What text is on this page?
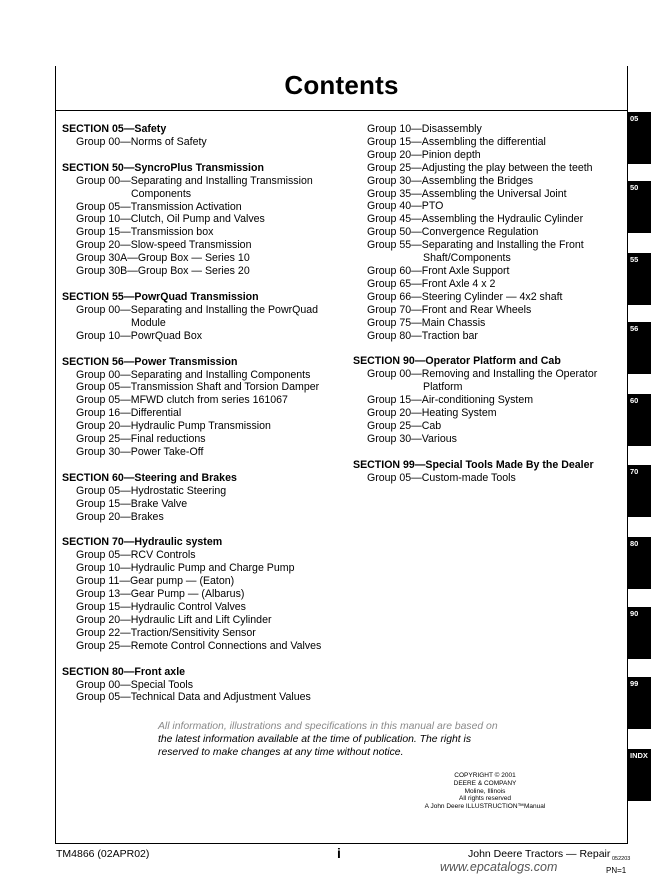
Contents
SECTION 05—Safety
Group 00—Norms of Safety
SECTION 50—SyncroPlus Transmission
Group 00—Separating and Installing Transmission
Components
Group 05—Transmission Activation
Group 10—Clutch, Oil Pump and Valves
Group 15—Transmission box
Group 20—Slow-speed Transmission
Group 30A—Group Box — Series 10
Group 30B—Group Box — Series 20
SECTION 55—PowrQuad Transmission
Group 00—Separating and Installing the PowrQuad
Module
Group 10—PowrQuad Box
SECTION 56—Power Transmission
Group 00—Separating and Installing Components
Group 05—Transmission Shaft and Torsion Damper
Group 05—MFWD clutch from series 161067
Group 16—Differential
Group 20—Hydraulic Pump Transmission
Group 25—Final reductions
Group 30—Power Take-Off
SECTION 60—Steering and Brakes
Group 05—Hydrostatic Steering
Group 15—Brake Valve
Group 20—Brakes
SECTION 70—Hydraulic system
Group 05—RCV Controls
Group 10—Hydraulic Pump and Charge Pump
Group 11—Gear pump — (Eaton)
Group 13—Gear Pump — (Albarus)
Group 15—Hydraulic Control Valves
Group 20—Hydraulic Lift and Lift Cylinder
Group 22—Traction/Sensitivity Sensor
Group 25—Remote Control Connections and Valves
SECTION 80—Front axle
Group 00—Special Tools
Group 05—Technical Data and Adjustment Values
Group 10—Disassembly
Group 15—Assembling the differential
Group 20—Pinion depth
Group 25—Adjusting the play between the teeth
Group 30—Assembling the Bridges
Group 35—Assembling the Universal Joint
Group 40—PTO
Group 45—Assembling the Hydraulic Cylinder
Group 50—Convergence Regulation
Group 55—Separating and Installing the Front
Shaft/Components
Group 60—Front Axle Support
Group 65—Front Axle 4 x 2
Group 66—Steering Cylinder — 4x2 shaft
Group 70—Front and Rear Wheels
Group 75—Main Chassis
Group 80—Traction bar
SECTION 90—Operator Platform and Cab
Group 00—Removing and Installing the Operator
Platform
Group 15—Air-conditioning System
Group 20—Heating System
Group 25—Cab
Group 30—Various
SECTION 99—Special Tools Made By the Dealer
Group 05—Custom-made Tools
All information, illustrations and specifications in this manual are based on
the latest information available at the time of publication. The right is
reserved to make changes at any time without notice.
COPYRIGHT © 2001
DEERE & COMPANY
Moline, Illinois
All rights reserved
A John Deere ILLUSTRUCTION™Manual
TM4866 (02APR02)	i	John Deere Tractors — Repair 052203
PN=1
www.epcatalogs.com
05
50
55
56
60
70
80
90
99
INDX
